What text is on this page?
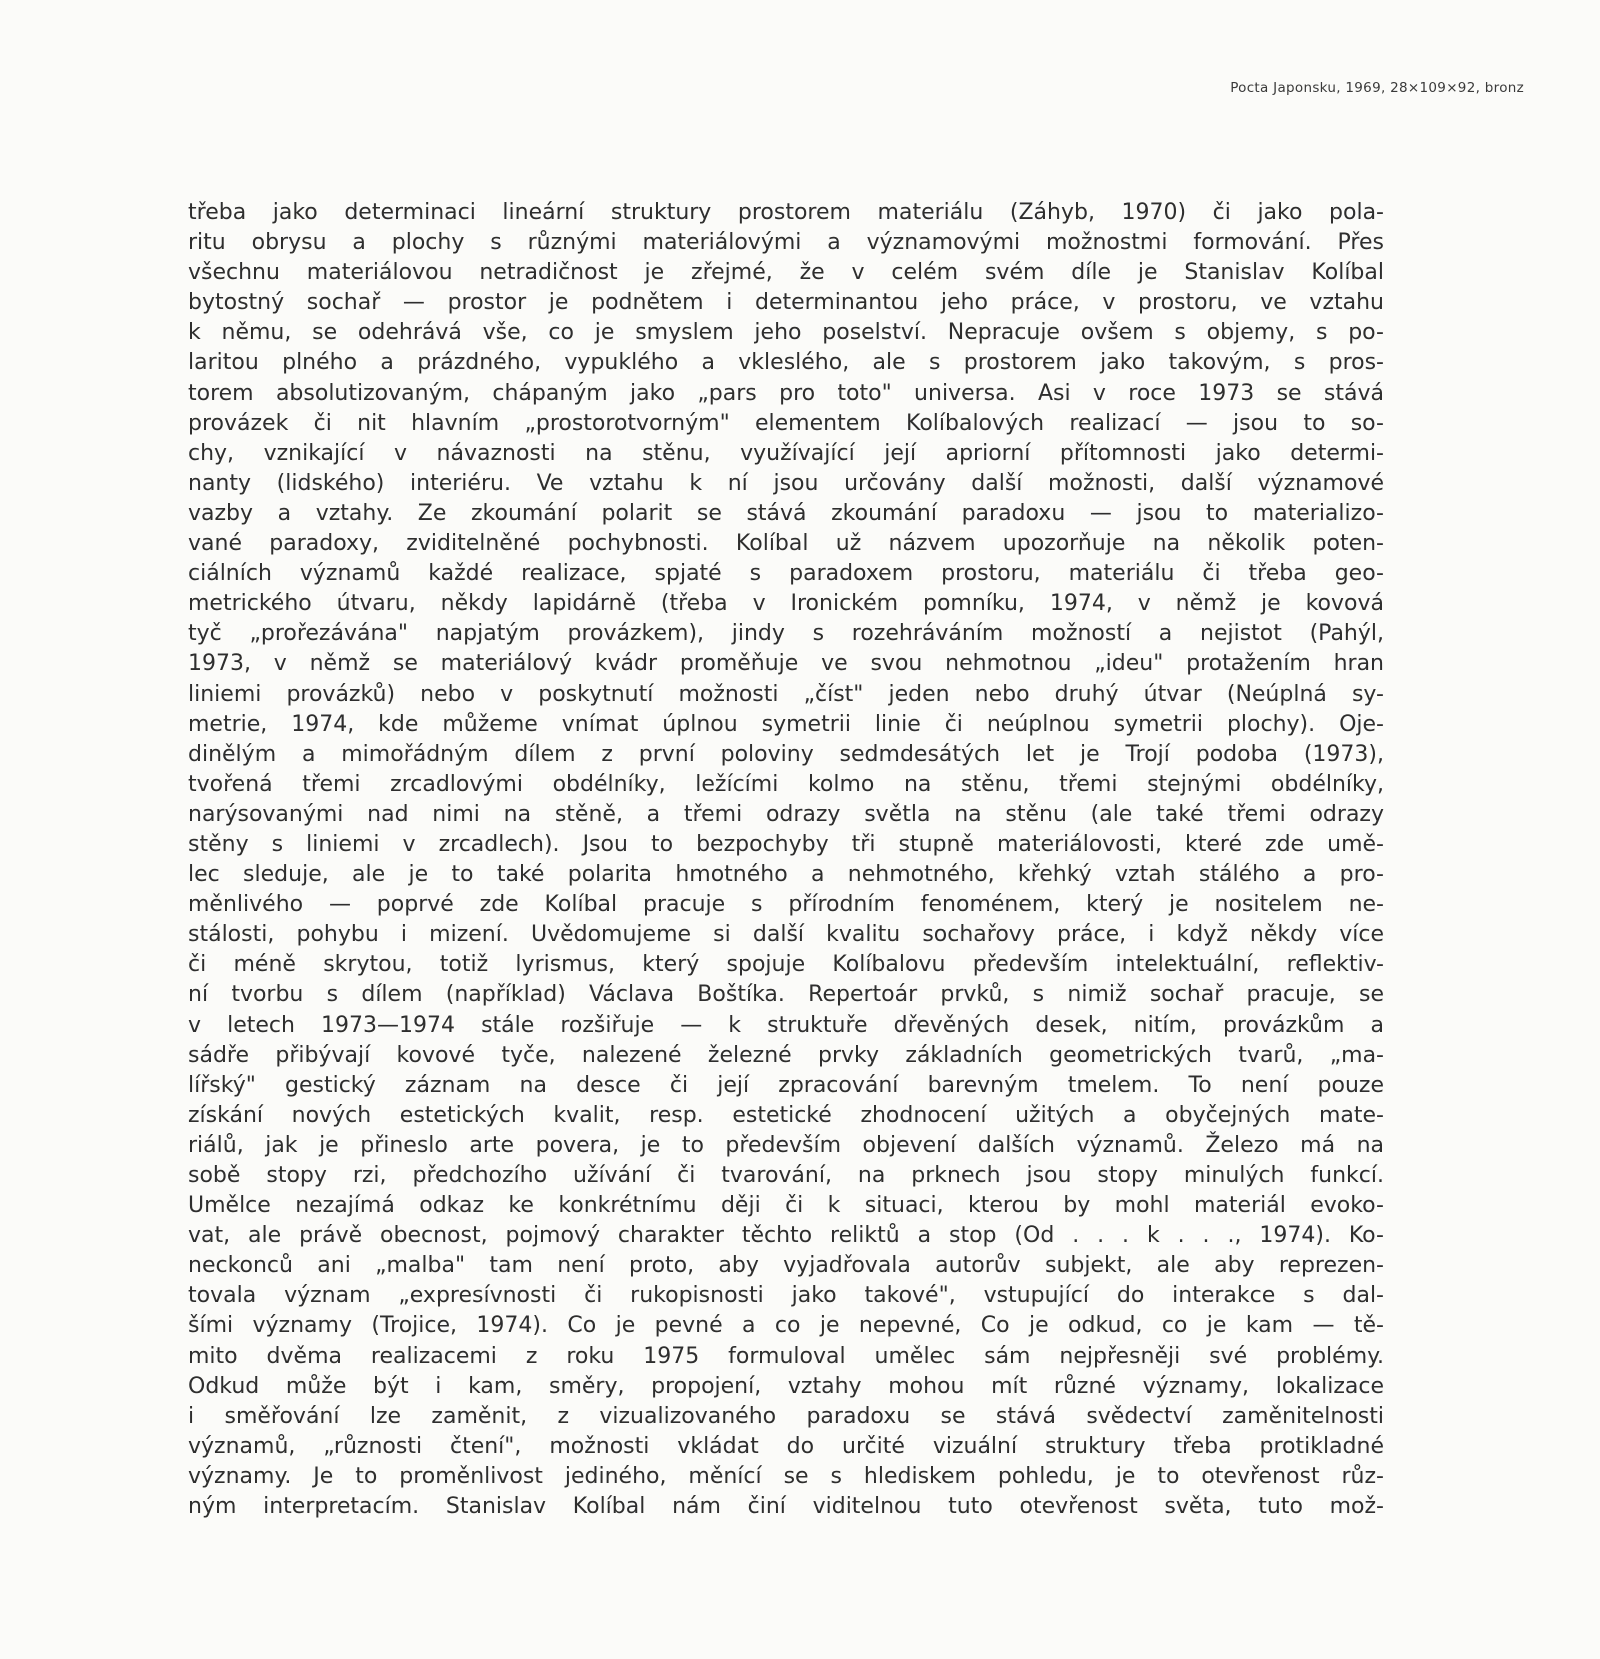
Pocta Japonsku, 1969, 28×109×92, bronz
třeba jako determinaci lineární struktury prostorem materiálu (Záhyb, 1970) či jako pola-
ritu obrysu a plochy s různými materiálovými a významovými možnostmi formování. Přes
všechnu materiálovou netradičnost je zřejmé, že v celém svém díle je Stanislav Kolíbal
bytostný sochař — prostor je podnětem i determinantou jeho práce, v prostoru, ve vztahu
k němu, se odehrává vše, co je smyslem jeho poselství. Nepracuje ovšem s objemy, s po-
laritou plného a prázdného, vypuklého a vkleslého, ale s prostorem jako takovým, s pros-
torem absolutizovaným, chápaným jako „pars pro toto" universa. Asi v roce 1973 se stává
provázek či nit hlavním „prostorotvorným" elementem Kolíbalových realizací — jsou to so-
chy, vznikající v návaznosti na stěnu, využívající její apriorní přítomnosti jako determi-
nanty (lidského) interiéru. Ve vztahu k ní jsou určovány další možnosti, další významové
vazby a vztahy. Ze zkoumání polarit se stává zkoumání paradoxu — jsou to materializo-
vané paradoxy, zviditelněné pochybnosti. Kolíbal už názvem upozorňuje na několik poten-
ciálních významů každé realizace, spjaté s paradoxem prostoru, materiálu či třeba geo-
metrického útvaru, někdy lapidárně (třeba v Ironickém pomníku, 1974, v němž je kovová
tyč „prořezávána" napjatým provázkem), jindy s rozehráváním možností a nejistot (Pahýl,
1973, v němž se materiálový kvádr proměňuje ve svou nehmotnou „ideu" protažením hran
liniemi provázků) nebo v poskytnutí možnosti „číst" jeden nebo druhý útvar (Neúplná sy-
metrie, 1974, kde můžeme vnímat úplnou symetrii linie či neúplnou symetrii plochy). Oje-
dinělým a mimořádným dílem z první poloviny sedmdesátých let je Trojí podoba (1973),
tvořená třemi zrcadlovými obdélníky, ležícími kolmo na stěnu, třemi stejnými obdélníky,
narýsovanými nad nimi na stěně, a třemi odrazy světla na stěnu (ale také třemi odrazy
stěny s liniemi v zrcadlech). Jsou to bezpochyby tři stupně materiálovosti, které zde umě-
lec sleduje, ale je to také polarita hmotného a nehmotného, křehký vztah stálého a pro-
měnlivého — poprvé zde Kolíbal pracuje s přírodním fenoménem, který je nositelem ne-
stálosti, pohybu i mizení. Uvědomujeme si další kvalitu sochařovy práce, i když někdy více
či méně skrytou, totiž lyrismus, který spojuje Kolíbalovu především intelektuální, reflektiv-
ní tvorbu s dílem (například) Václava Boštíka. Repertoár prvků, s nimiž sochař pracuje, se
v letech 1973—1974 stále rozšiřuje — k struktuře dřevěných desek, nitím, provázkům a
sádře přibývají kovové tyče, nalezené železné prvky základních geometrických tvarů, „ma-
lířský" gestický záznam na desce či její zpracování barevným tmelem. To není pouze
získání nových estetických kvalit, resp. estetické zhodnocení užitých a obyčejných mate-
riálů, jak je přineslo arte povera, je to především objevení dalších významů. Železo má na
sobě stopy rzi, předchozího užívání či tvarování, na prknech jsou stopy minulých funkcí.
Umělce nezajímá odkaz ke konkrétnímu ději či k situaci, kterou by mohl materiál evoko-
vat, ale právě obecnost, pojmový charakter těchto reliktů a stop (Od . . . k . . ., 1974). Ko-
neckonců ani „malba" tam není proto, aby vyjadřovala autorův subjekt, ale aby reprezen-
tovala význam „expresívnosti či rukopisnosti jako takové", vstupující do interakce s dal-
šími významy (Trojice, 1974). Co je pevné a co je nepevné, Co je odkud, co je kam — tě-
mito dvěma realizacemi z roku 1975 formuloval umělec sám nejpřesněji své problémy.
Odkud může být i kam, směry, propojení, vztahy mohou mít různé významy, lokalizace
i směřování lze zaměnit, z vizualizovaného paradoxu se stává svědectví zaměnitelnosti
významů, „různosti čtení", možnosti vkládat do určité vizuální struktury třeba protikladné
významy. Je to proměnlivost jediného, měnící se s hlediskem pohledu, je to otevřenost růz-
ným interpretacím. Stanislav Kolíbal nám činí viditelnou tuto otevřenost světa, tuto mož-
